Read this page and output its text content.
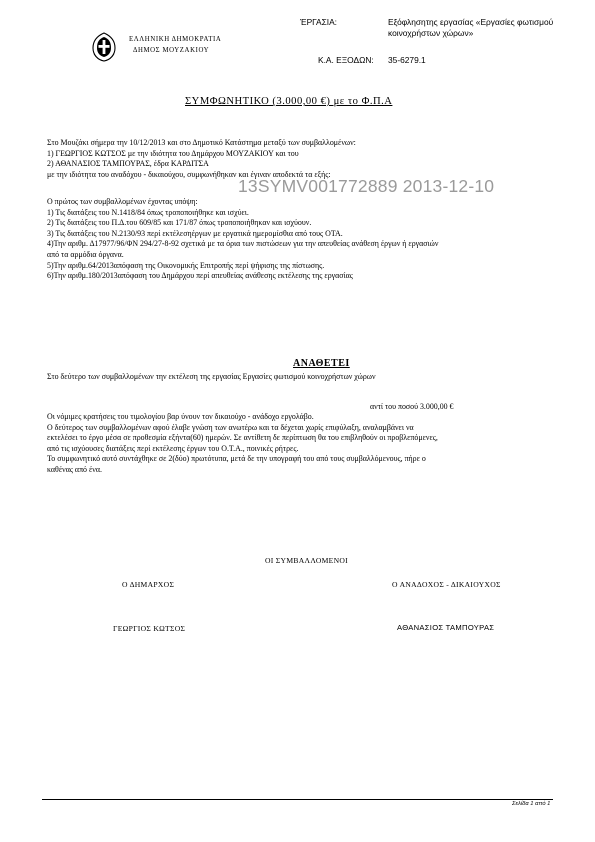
ΕΛΛΗΝΙΚΗ ΔΗΜΟΚΡΑΤΙΑ
ΔΗΜΟΣ ΜΟΥΖΑΚΙΟΥ
ΈΡΓΑΣΙΑ:	Εξόφλησητης εργασίας «Εργασίες φωτισμού
κοινοχρήστων χώρων»
Κ.Α. ΕΞΟΔΩΝ: 35-6279.1
ΣΥΜΦΩΝΗΤΙΚΟ (3.000,00 €) με το Φ.Π.Α
Στο Μουζάκι σήμερα την 10/12/2013 και στο Δημοτικό Κατάστημα μεταξύ των συμβαλλομένων:
1) ΓΕΩΡΓΙΟΣ ΚΩΤΣΟΣ με την ιδιότητα του Δημάρχου ΜΟΥΖΑΚΙΟΥ και του
2) ΑΘΑΝΑΣΙΟΣ ΤΑΜΠΟΥΡΑΣ, έδρα ΚΑΡΔΙΤΣΑ
με την ιδιότητα του αναδόχου - δικαιούχου, συμφωνήθηκαν και έγιναν αποδεκτά τα εξής:
13SYMV001772889 2013-12-10
Ο πρώτος των συμβαλλομένων έχοντας υπόψη:
1) Τις διατάξεις του Ν.1418/84 όπως τροποποιήθηκε και ισχύει.
2) Τις διατάξεις του Π.Δ.του 609/85 και 171/87 όπως τροποποιήθηκαν και ισχύουν.
3) Τις διατάξεις του Ν.2130/93 περί εκτέλεσηέργων με εργατικά ημερομίσθια από τους ΟΤΑ.
4)Την αριθμ. Δ17977/96/ΦΝ 294/27-8-92 σχετικά με τα όρια των πιστώσεων για την απευθείας ανάθεση έργων ή εργασιών
από τα αρμόδια όργανα.
5)Την αριθμ.64/2013απόφαση της Οικονομικής Επιτροπής περί ψήφισης της πίστωσης.
6)Την αριθμ.180/2013απόφαση του Δημάρχου περί απευθείας ανάθεσης εκτέλεσης της εργασίας
ΑΝΑΘΕΤΕΙ
Στο δεύτερο των συμβαλλομένων την εκτέλεση της εργασίας Εργασίες φωτισμού κοινοχρήστων χώρων
αντί του ποσού 3.000,00 €
Οι νόμιμες κρατήσεις του τιμολογίου βαρ ύνουν τον δικαιούχο - ανάδοχο εργολάβο.
Ο δεύτερος των συμβαλλομένων αφού έλαβε γνώση των ανωτέρω και τα δέχεται χωρίς επιφύλαξη, αναλαμβάνει να
εκτελέσει το έργο μέσα σε προθεσμία εξήντα(60) ημερών. Σε αντίθετη δε περίπτωση θα του επιβληθούν οι προβλεπόμενες,
από τις ισχύουσες διατάξεις περί εκτέλεσης έργων του Ο.Τ.Α., ποινικές ρήτρες.
Το συμφωνητικό αυτό συντάχθηκε σε 2(δύο) πρωτότυπα, μετά δε την υπογραφή του από τους συμβαλλόμενους, πήρε ο
καθένας από ένα.
ΟΙ ΣΥΜΒΑΛΛΟΜΕΝΟΙ
Ο ΔΗΜΑΡΧΟΣ	Ο ΑΝΑΔΟΧΟΣ - ΔΙΚΑΙΟΥΧΟΣ
ΓΕΩΡΓΙΟΣ ΚΩΤΣΟΣ	ΑΘΑΝΑΣΙΟΣ ΤΑΜΠΟΥΡΑΣ
Σελίδα 1 από 1
